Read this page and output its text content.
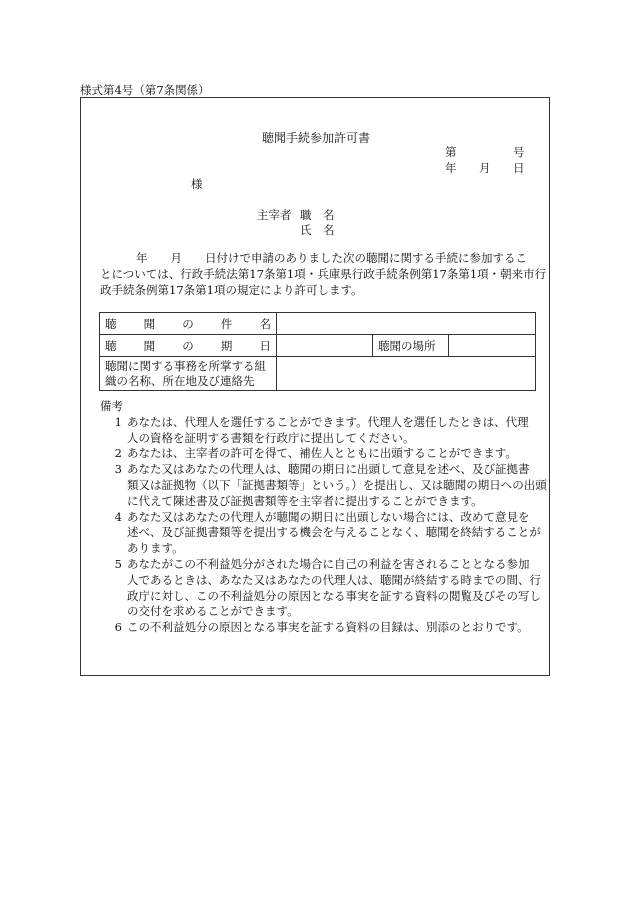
様式第4号（第7条関係）
聴聞手続参加許可書
第	号
年 月 日
様
主宰者 職　名
氏　名
年　　月　　日付けで申請のありました次の聴聞に関する手続に参加するこ
とについては、行政手続法第17条第1項・兵庫県行政手続条例第17条第1項・朝来市行
政手続条例第17条第1項の規定により許可します。
聴 聞 の 件 名			

聴 聞 の 期 日		聴聞の場所	

聴聞に関する事務を所掌する組
織の名称、所在地及び連絡先			

備考
1 あなたは、代理人を選任することができます。代理人を選任したときは、代理
人の資格を証明する書類を行政庁に提出してください。
2 あなたは、主宰者の許可を得て、補佐人とともに出頭することができます。
3 あなた又はあなたの代理人は、聴聞の期日に出頭して意見を述べ、及び証拠書
類又は証拠物（以下「証拠書類等」という。）を提出し、又は聴聞の期日への出頭
に代えて陳述書及び証拠書類等を主宰者に提出することができます。
4 あなた又はあなたの代理人が聴聞の期日に出頭しない場合には、改めて意見を
述べ、及び証拠書類等を提出する機会を与えることなく、聴聞を終結することが
あります。
5 あなたがこの不利益処分がされた場合に自己の利益を害されることとなる参加
人であるときは、あなた又はあなたの代理人は、聴聞が終結する時までの間、行
政庁に対し、この不利益処分の原因となる事実を証する資料の閲覧及びその写し
の交付を求めることができます。
6 この不利益処分の原因となる事実を証する資料の目録は、別添のとおりです。
